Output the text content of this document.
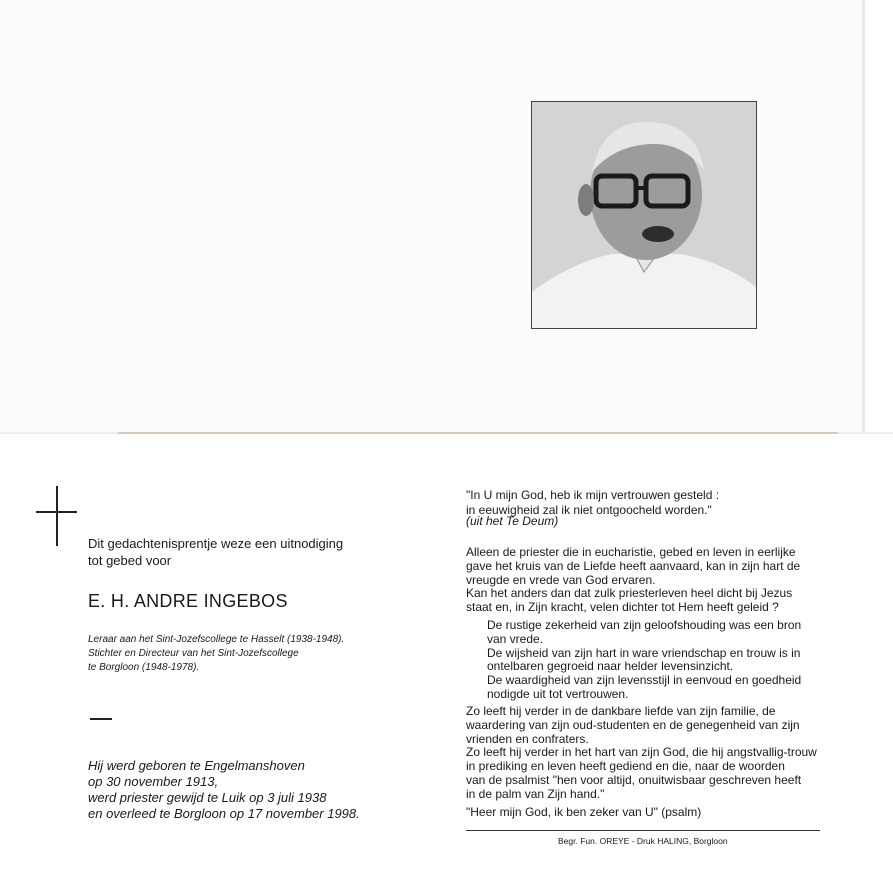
Dit gedachtenisprentje weze een uitnodiging
tot gebed voor
E. H. ANDRE INGEBOS
Leraar aan het Sint-Jozefscollege te Hasselt (1938-1948).
Stichter en Directeur van het Sint-Jozefscollege
te Borgloon (1948-1978).
Hij werd geboren te Engelmanshoven
op 30 november 1913,
werd priester gewijd te Luik op 3 juli 1938
en overleed te Borgloon op 17 november 1998.
"In U mijn God, heb ik mijn vertrouwen gesteld :
in eeuwigheid zal ik niet ontgoocheld worden."
(uit het Te Deum)
Alleen de priester die in eucharistie, gebed en leven in eerlijke
gave het kruis van de Liefde heeft aanvaard, kan in zijn hart de
vreugde en vrede van God ervaren.
Kan het anders dan dat zulk priesterleven heel dicht bij Jezus
staat en, in Zijn kracht, velen dichter tot Hem heeft geleid ?
De rustige zekerheid van zijn geloofshouding was een bron
van vrede.
De wijsheid van zijn hart in ware vriendschap en trouw is in
ontelbaren gegroeid naar helder levensinzicht.
De waardigheid van zijn levensstijl in eenvoud en goedheid
nodigde uit tot vertrouwen.
Zo leeft hij verder in de dankbare liefde van zijn familie, de
waardering van zijn oud-studenten en de genegenheid van zijn
vrienden en confraters.
Zo leeft hij verder in het hart van zijn God, die hij angstvallig-trouw
in prediking en leven heeft gediend en die, naar de woorden
van de psalmist "hen voor altijd, onuitwisbaar geschreven heeft
in de palm van Zijn hand."
"Heer mijn God, ik ben zeker van U" (psalm)
Begr. Fun. OREYE - Druk HALING, Borgloon
